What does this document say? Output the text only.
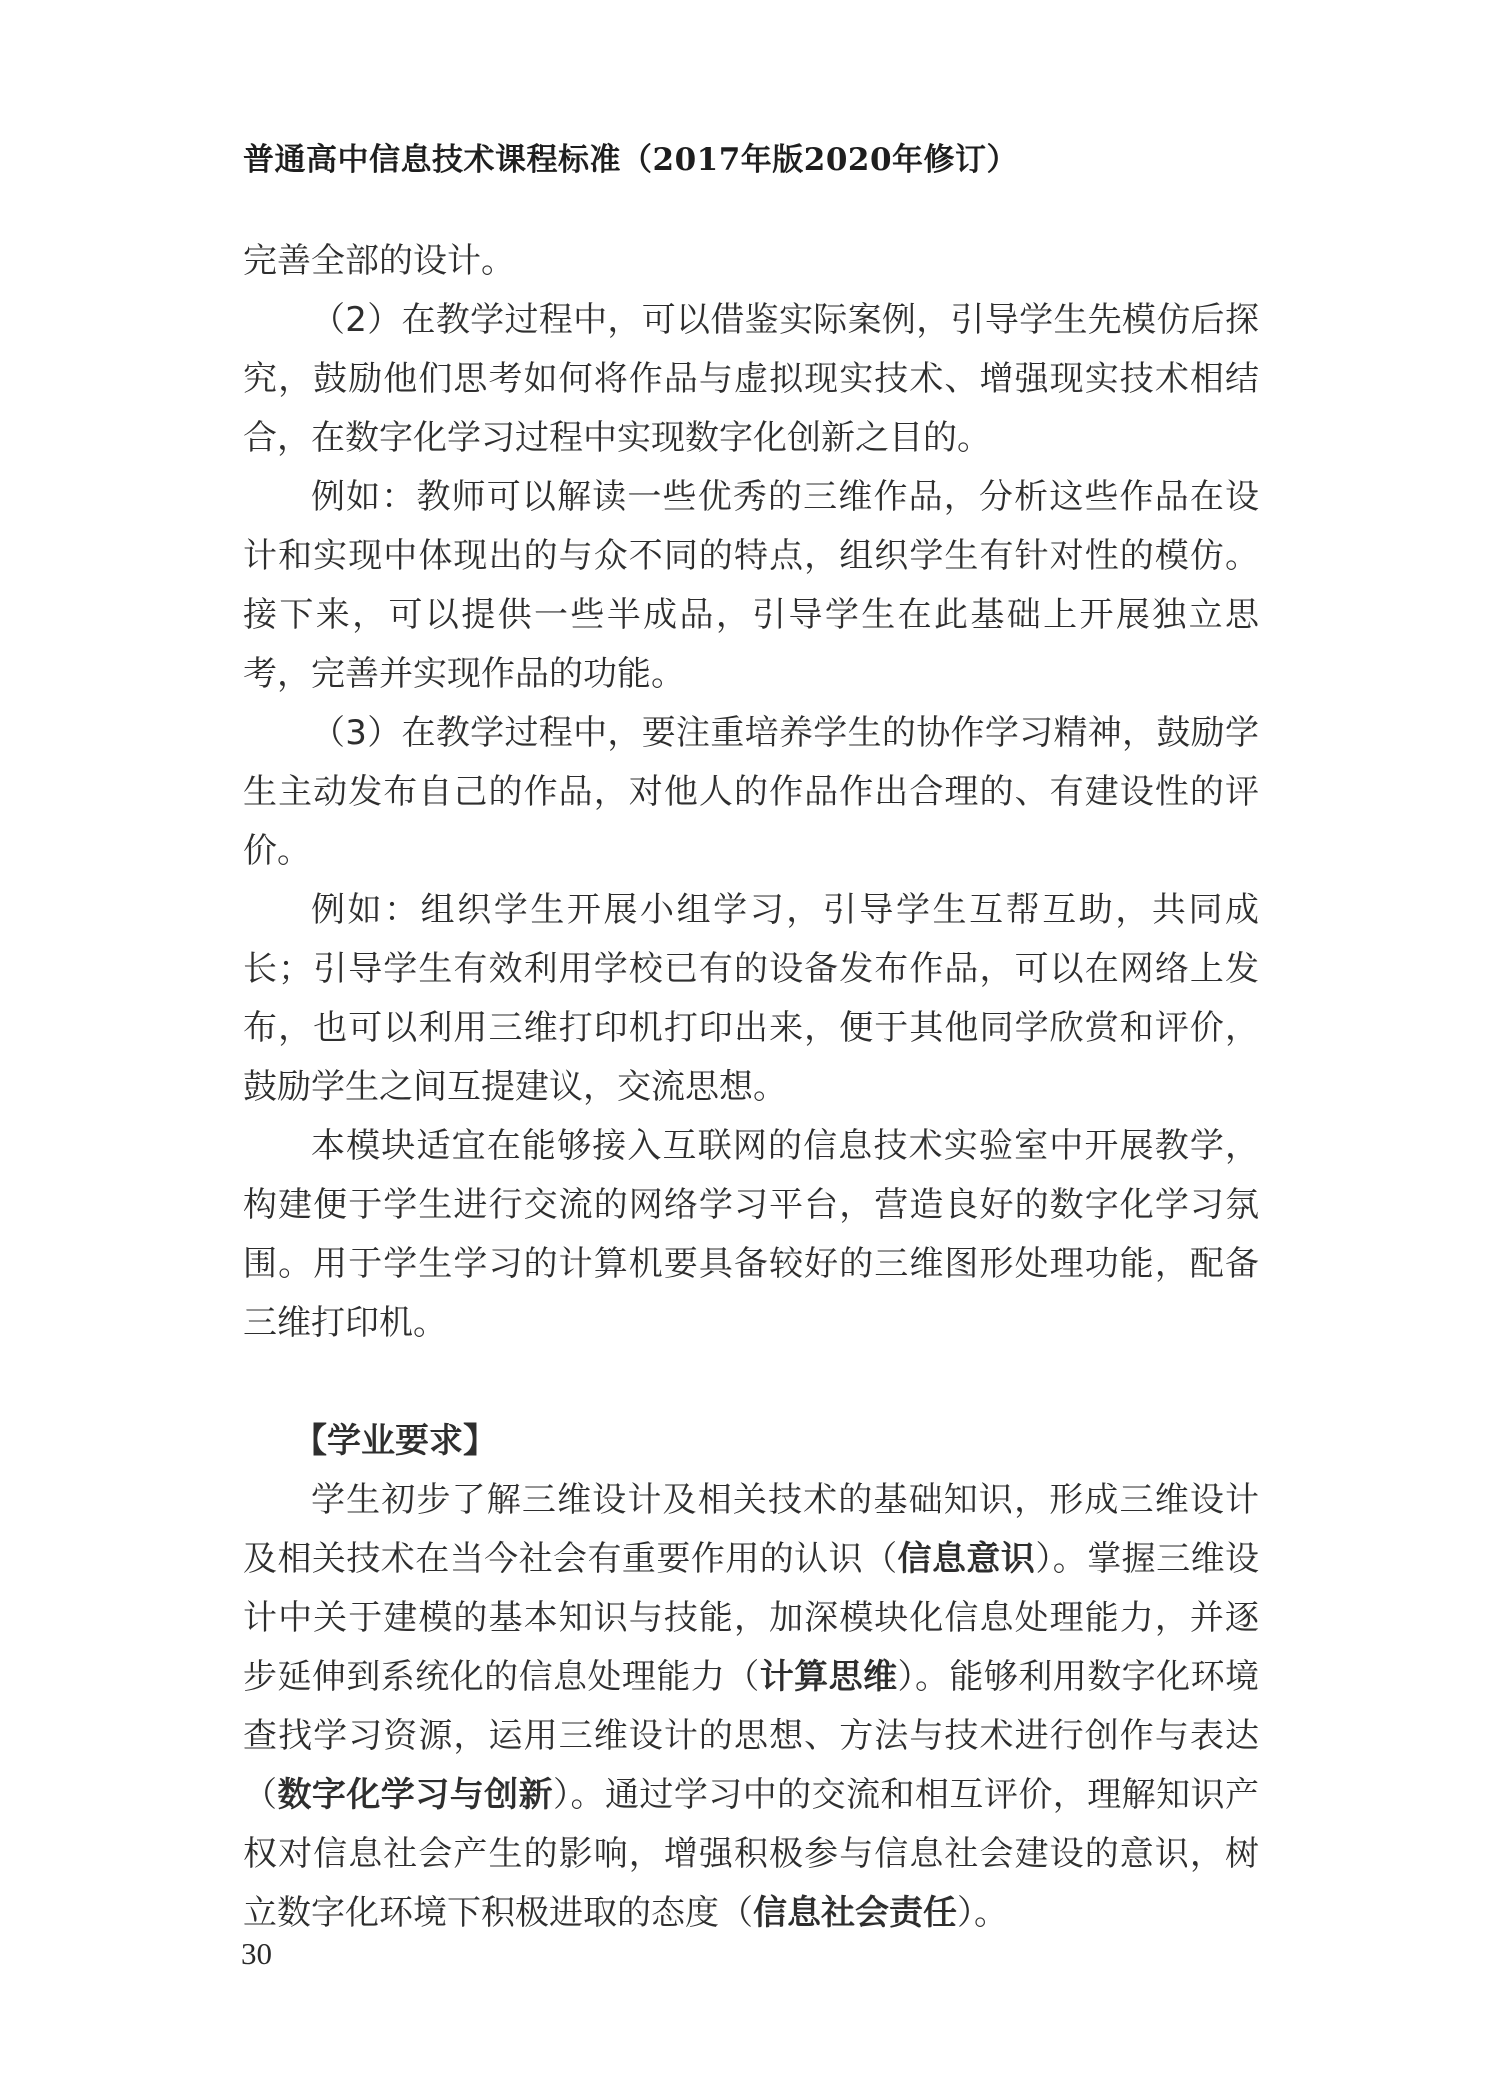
普通高中信息技术课程标准（2017年版2020年修订）

完善全部的设计。

（2）在教学过程中，可以借鉴实际案例，引导学生先模仿后探究，鼓励他们思考如何将作品与虚拟现实技术、增强现实技术相结合，在数字化学习过程中实现数字化创新之目的。

例如：教师可以解读一些优秀的三维作品，分析这些作品在设计和实现中体现出的与众不同的特点，组织学生有针对性的模仿。接下来，可以提供一些半成品，引导学生在此基础上开展独立思考，完善并实现作品的功能。

（3）在教学过程中，要注重培养学生的协作学习精神，鼓励学生主动发布自己的作品，对他人的作品作出合理的、有建设性的评价。

例如：组织学生开展小组学习，引导学生互帮互助，共同成长；引导学生有效利用学校已有的设备发布作品，可以在网络上发布，也可以利用三维打印机打印出来，便于其他同学欣赏和评价，鼓励学生之间互提建议，交流思想。

本模块适宜在能够接入互联网的信息技术实验室中开展教学，构建便于学生进行交流的网络学习平台，营造良好的数字化学习氛围。用于学生学习的计算机要具备较好的三维图形处理功能，配备三维打印机。

【学业要求】

学生初步了解三维设计及相关技术的基础知识，形成三维设计及相关技术在当今社会有重要作用的认识（信息意识）。掌握三维设计中关于建模的基本知识与技能，加深模块化信息处理能力，并逐步延伸到系统化的信息处理能力（计算思维）。能够利用数字化环境查找学习资源，运用三维设计的思想、方法与技术进行创作与表达（数字化学习与创新）。通过学习中的交流和相互评价，理解知识产权对信息社会产生的影响，增强积极参与信息社会建设的意识，树立数字化环境下积极进取的态度（信息社会责任）。

30
